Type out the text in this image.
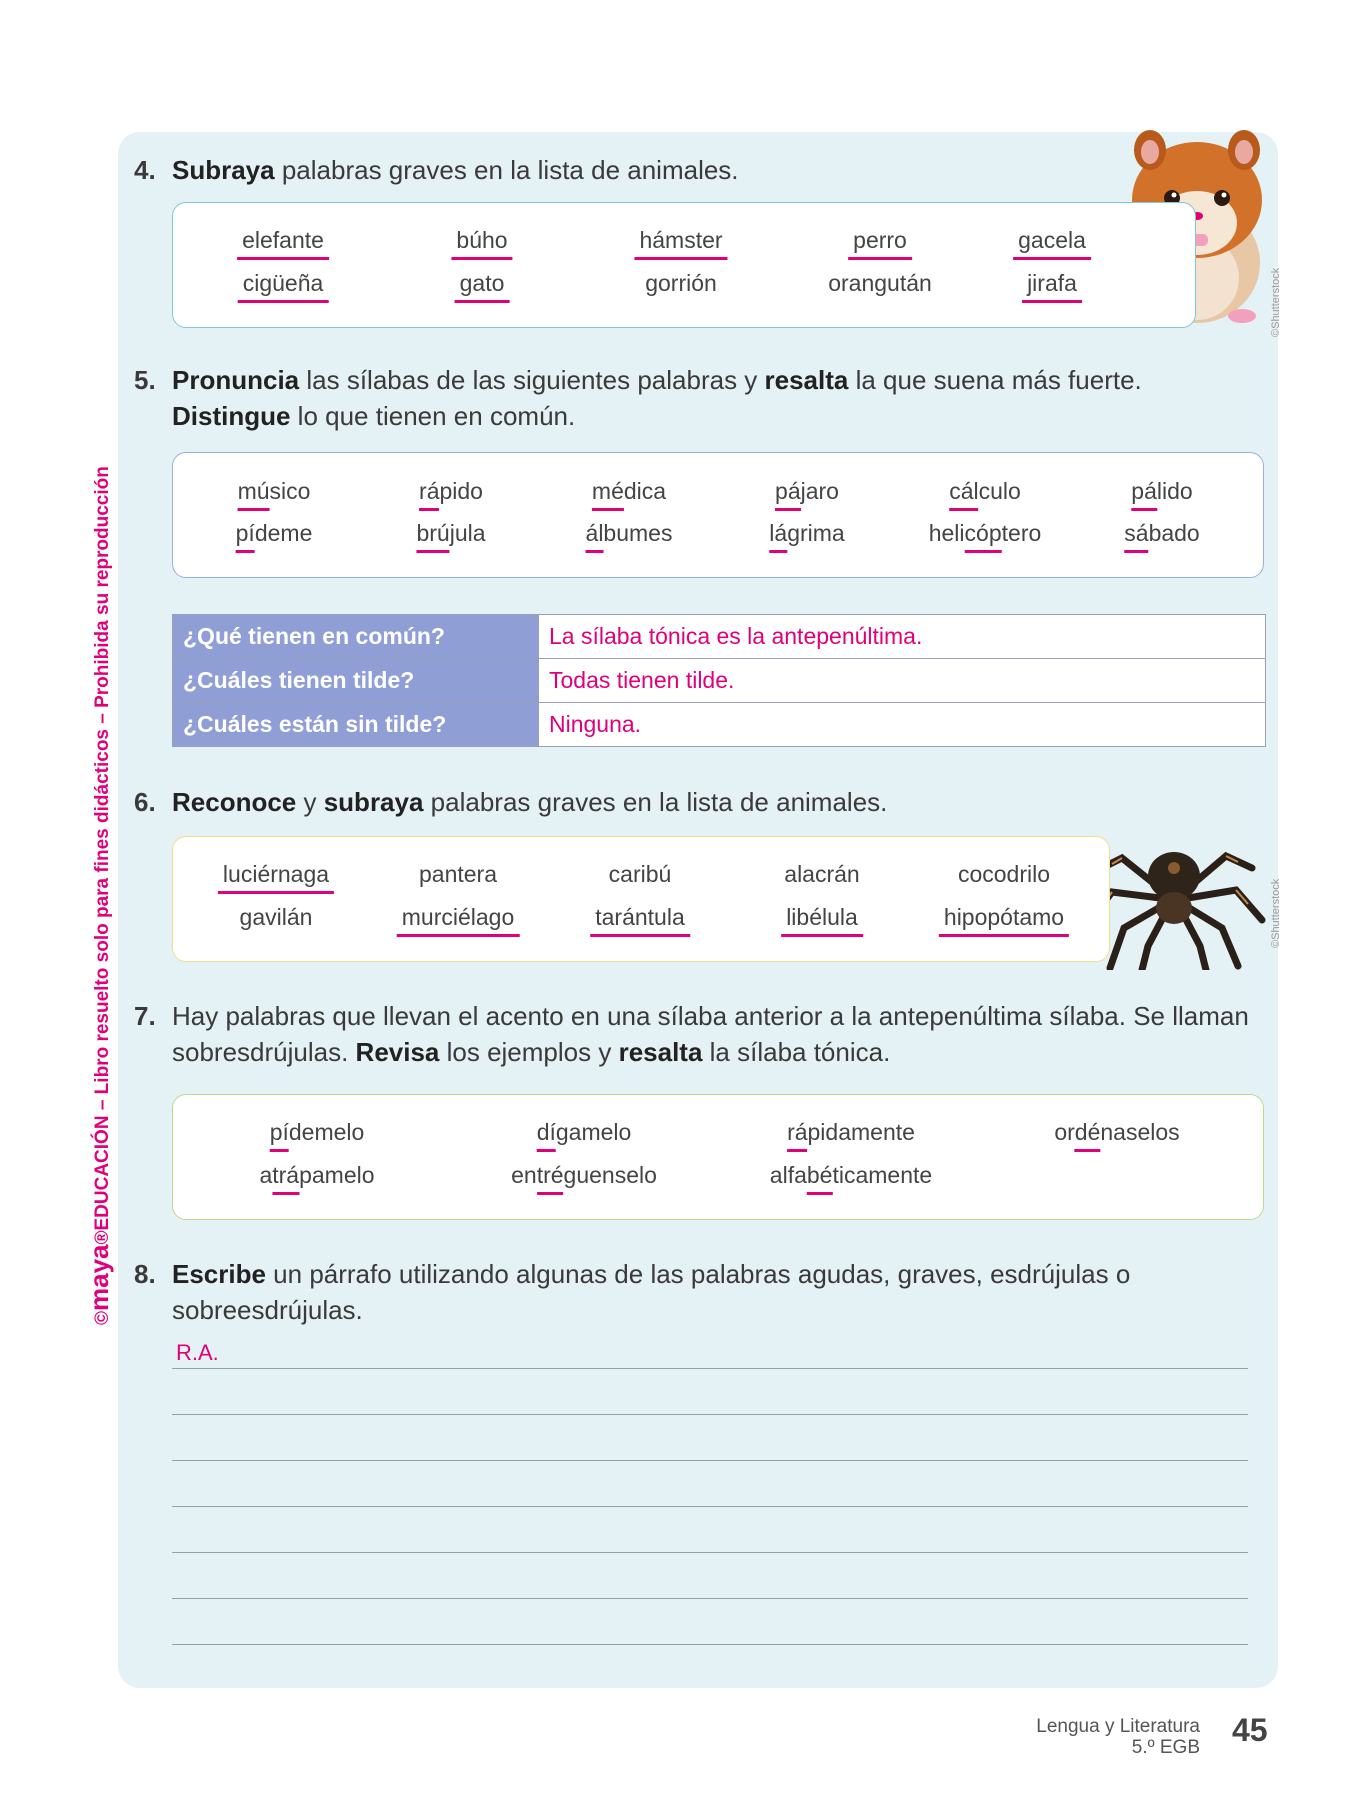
©maya®EDUCACIÓN – Libro resuelto solo para fines didácticos – Prohibida su reproducción
©Shutterstock
©Shutterstock
4. Subraya palabras graves en la lista de animales.
elefante	búho	hámster	perro	gacela
cigüeña	gato	gorrión	orangután	jirafa
5. Pronuncia las sílabas de las siguientes palabras y resalta la que suena más fuerte.
Distingue lo que tienen en común.
músico	rápido	médica	pájaro	cálculo	pálido
pídeme	brújula	álbumes	lágrima	helicóptero	sábado
¿Qué tienen en común?	La sílaba tónica es la antepenúltima.
¿Cuáles tienen tilde?	Todas tienen tilde.
¿Cuáles están sin tilde?	Ninguna.
6. Reconoce y subraya palabras graves en la lista de animales.
luciérnaga	pantera	caribú	alacrán	cocodrilo
gavilán	murciélago	tarántula	libélula	hipopótamo
7. Hay palabras que llevan el acento en una sílaba anterior a la antepenúltima sílaba. Se llaman
sobresdrújulas. Revisa los ejemplos y resalta la sílaba tónica.
pídemelo	dígamelo	rápidamente	ordénaselos
atrápamelo	entréguenselo	alfabéticamente
8. Escribe un párrafo utilizando algunas de las palabras agudas, graves, esdrújulas o
sobreesdrújulas.
R.A.
Lengua y Literatura
5.º EGB 45
